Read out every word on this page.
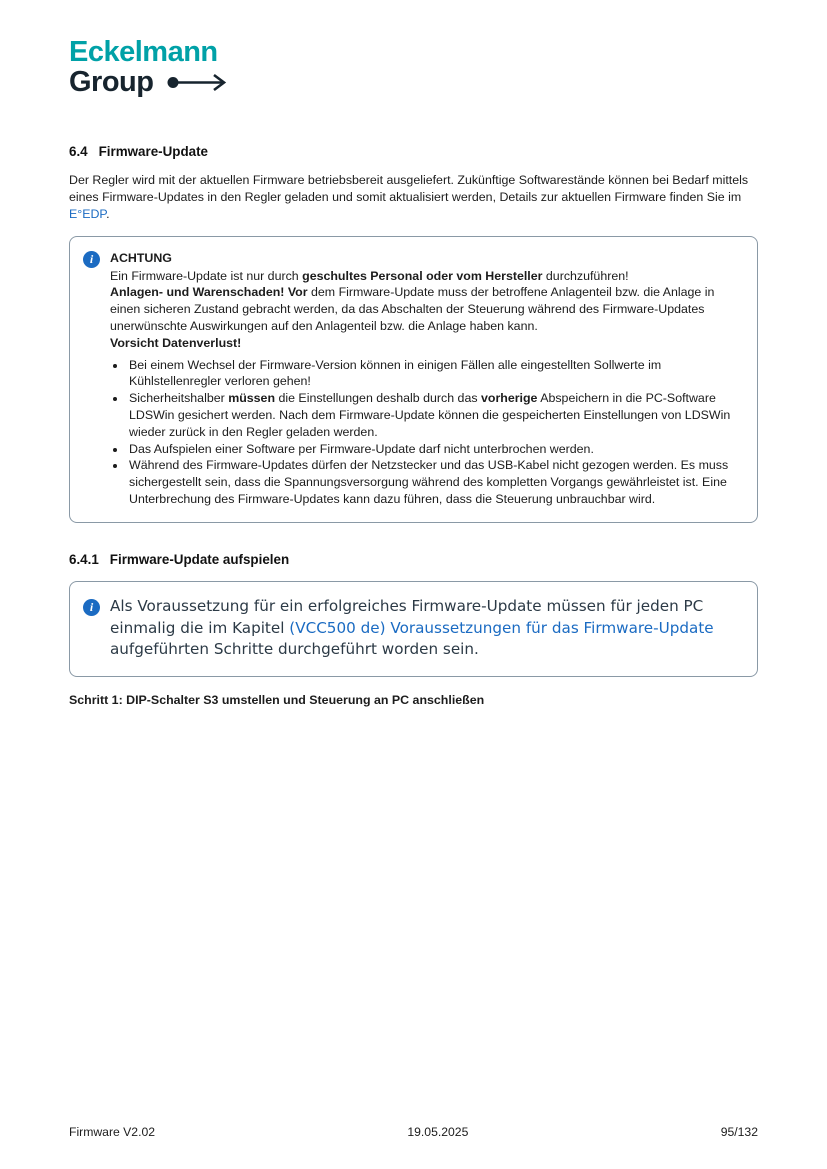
Eckelmann
Group
6.4 Firmware-Update

Der Regler wird mit der aktuellen Firmware betriebsbereit ausgeliefert. Zukünftige Softwarestände können bei Bedarf mittels eines Firmware-Updates in den Regler geladen und somit aktualisiert werden, Details zur aktuellen Firmware finden Sie im E°EDP.

i	ACHTUNG

Ein Firmware-Update ist nur durch geschultes Personal oder vom Hersteller durchzuführen!

Anlagen- und Warenschaden! Vor dem Firmware-Update muss der betroffene Anlagenteil bzw. die Anlage in einen sicheren Zustand gebracht werden, da das Abschalten der Steuerung während des Firmware-Updates unerwünschte Auswirkungen auf den Anlagenteil bzw. die Anlage haben kann.

Vorsicht Datenverlust!

• Bei einem Wechsel der Firmware-Version können in einigen Fällen alle eingestellten Sollwerte im Kühlstellenregler verloren gehen!
• Sicherheitshalber müssen die Einstellungen deshalb durch das vorherige Abspeichern in die PC-Software LDSWin gesichert werden. Nach dem Firmware-Update können die gespeicherten Einstellungen von LDSWin wieder zurück in den Regler geladen werden.
• Das Aufspielen einer Software per Firmware-Update darf nicht unterbrochen werden.
• Während des Firmware-Updates dürfen der Netzstecker und das USB-Kabel nicht gezogen werden. Es muss sichergestellt sein, dass die Spannungsversorgung während des kompletten Vorgangs gewährleistet ist. Eine Unterbrechung des Firmware-Updates kann dazu führen, dass die Steuerung unbrauchbar wird.
6.4.1 Firmware-Update aufspielen
i	Als Voraussetzung für ein erfolgreiches Firmware-Update müssen für jeden PC einmalig die im Kapitel (VCC500 de) Voraussetzungen für das Firmware-Update aufgeführten Schritte durchgeführt worden sein.

Schritt 1: DIP-Schalter S3 umstellen und Steuerung an PC anschließen

Firmware V2.02	19.05.2025	95/132
